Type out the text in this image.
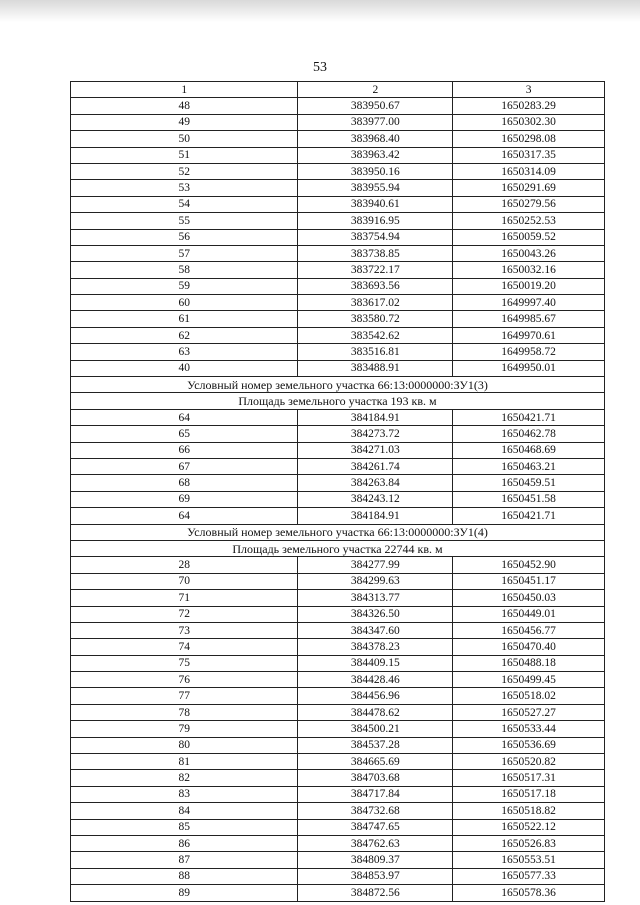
53
1	2	3
48	383950.67	1650283.29
49	383977.00	1650302.30
50	383968.40	1650298.08
51	383963.42	1650317.35
52	383950.16	1650314.09
53	383955.94	1650291.69
54	383940.61	1650279.56
55	383916.95	1650252.53
56	383754.94	1650059.52
57	383738.85	1650043.26
58	383722.17	1650032.16
59	383693.56	1650019.20
60	383617.02	1649997.40
61	383580.72	1649985.67
62	383542.62	1649970.61
63	383516.81	1649958.72
40	383488.91	1649950.01
Условный номер земельного участка 66:13:0000000:ЗУ1(3)		
Площадь земельного участка 193 кв. м		
64	384184.91	1650421.71
65	384273.72	1650462.78
66	384271.03	1650468.69
67	384261.74	1650463.21
68	384263.84	1650459.51
69	384243.12	1650451.58
64	384184.91	1650421.71
Условный номер земельного участка 66:13:0000000:ЗУ1(4)		
Площадь земельного участка 22744 кв. м		
28	384277.99	1650452.90
70	384299.63	1650451.17
71	384313.77	1650450.03
72	384326.50	1650449.01
73	384347.60	1650456.77
74	384378.23	1650470.40
75	384409.15	1650488.18
76	384428.46	1650499.45
77	384456.96	1650518.02
78	384478.62	1650527.27
79	384500.21	1650533.44
80	384537.28	1650536.69
81	384665.69	1650520.82
82	384703.68	1650517.31
83	384717.84	1650517.18
84	384732.68	1650518.82
85	384747.65	1650522.12
86	384762.63	1650526.83
87	384809.37	1650553.51
88	384853.97	1650577.33
89	384872.56	1650578.36
